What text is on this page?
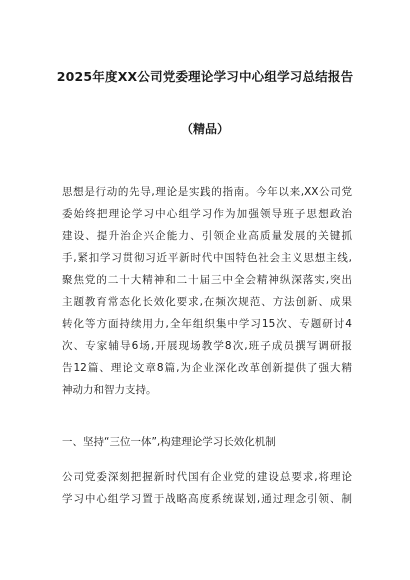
2025年度XX公司党委理论学习中心组学习总结报告
（精品）
思想是行动的先导,理论是实践的指南。今年以来,XX公司党
委始终把理论学习中心组学习作为加强领导班子思想政治
建设、提升治企兴企能力、引领企业高质量发展的关键抓
手,紧扣学习贯彻习近平新时代中国特色社会主义思想主线,
聚焦党的二十大精神和二十届三中全会精神纵深落实,突出
主题教育常态化长效化要求,在频次规范、方法创新、成果
转化等方面持续用力,全年组织集中学习15次、专题研讨4
次、专家辅导6场,开展现场教学8次,班子成员撰写调研报
告12篇、理论文章8篇,为企业深化改革创新提供了强大精
神动力和智力支持。
一、坚持“三位一体”,构建理论学习长效化机制
公司党委深刻把握新时代国有企业党的建设总要求,将理论
学习中心组学习置于战略高度系统谋划,通过理念引领、制
